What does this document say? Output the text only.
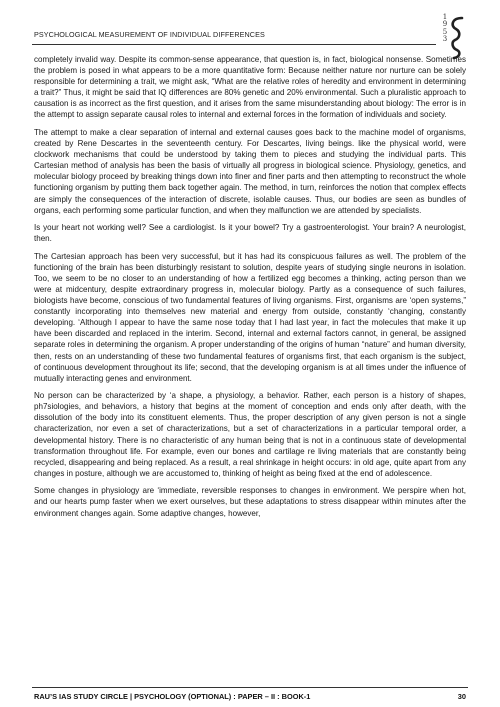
PSYCHOLOGICAL MEASUREMENT OF INDIVIDUAL DIFFERENCES
1
9
5
3

completely invalid way. Despite its common-sense appearance, that question is, in fact, biological nonsense. Sometimes the problem is posed in what appears to be a more quantitative form: Because neither nature nor nurture can be solely responsible for determining a trait, we might ask, “What are the relative roles of heredity and environment in determining a trait?” Thus, it might be said that IQ differences are 80% genetic and 20% environmental. Such a pluralistic approach to causation is as incorrect as the first question, and it arises from the same misunderstanding about biology: The error is in the attempt to assign separate causal roles to internal and external forces in the formation of individuals and society.

The attempt to make a clear separation of internal and external causes goes back to the machine model of organisms, created by Rene Descartes in the seventeenth century. For Descartes, living beings. like the physical world, were clockwork mechanisms that could be understood by taking them to pieces and studying the individual parts. This Cartesian method of analysis has been the basis of virtually all progress in biological science. Physiology, genetics, and molecular biology proceed by breaking things down into finer and finer parts and then attempting to reconstruct the whole functioning organism by putting them back together again. The method, in turn, reinforces the notion that complex effects are simply the consequences of the interaction of discrete, isolable causes. Thus, our bodies are seen as bundles of organs, each performing some particular function, and when they malfunction we are attended by specialists.

Is your heart not working well? See a cardiologist. Is it your bowel? Try a gastroenterologist. Your brain? A neurologist, then.

The Cartesian approach has been very successful, but it has had its conspicuous failures as well. The problem of the functioning of the brain has been disturbingly resistant to solution, despite years of studying single neurons in isolation. Too, we seem to be no closer to an understanding of how a fertilized egg becomes a thinking, acting person than we were at midcentury, despite extraordinary progress in, molecular biology. Partly as a consequence of such failures, biologists have become, conscious of two fundamental features of living organisms. First, organisms are ‘open systems,” constantly incorporating into themselves new material and energy from outside, constantly ‘changing, constantly developing. ‘Although I appear to have the same nose today that I had last year, in fact the molecules that make it up have been discarded and replaced in the interim. Second, internal and external factors cannot, in general, be assigned separate roles in determining the organism. A proper understanding of the origins of human “nature” and human diversity, then, rests on an understanding of these two fundamental features of organisms first, that each organism is the subject, of continuous development throughout its life; second, that the developing organism is at all times under the influence of mutually interacting genes and environment.

No person can be characterized by ‘a shape, a physiology, a behavior. Rather, each person is a history of shapes, ph7siologies, and behaviors, a history that begins at the moment of conception and ends only after death, with the dissolution of the body into its constituent elements. Thus, the proper description of any given person is not a single characterization, nor even a set of characterizations, but a set of characterizations in a particular temporal order, a developmental history. There is no characteristic of any human being that is not in a continuous state of developmental transformation throughout life. For example, even our bones and cartilage re living materials that are constantly being recycled, disappearing and being replaced. As a result, a real shrinkage in height occurs: in old age, quite apart from any changes in posture, although we are accustomed to, thinking of height as being fixed at the end of adolescence.

Some changes in physiology are ‘immediate, reversible responses to changes in environment. We perspire when hot, and our hearts pump faster when we exert ourselves, but these adaptations to stress disappear within minutes after the environment changes again. Some adaptive changes, however,

RAU’S IAS STUDY CIRCLE | PSYCHOLOGY (OPTIONAL) : PAPER – II : BOOK-1	30
